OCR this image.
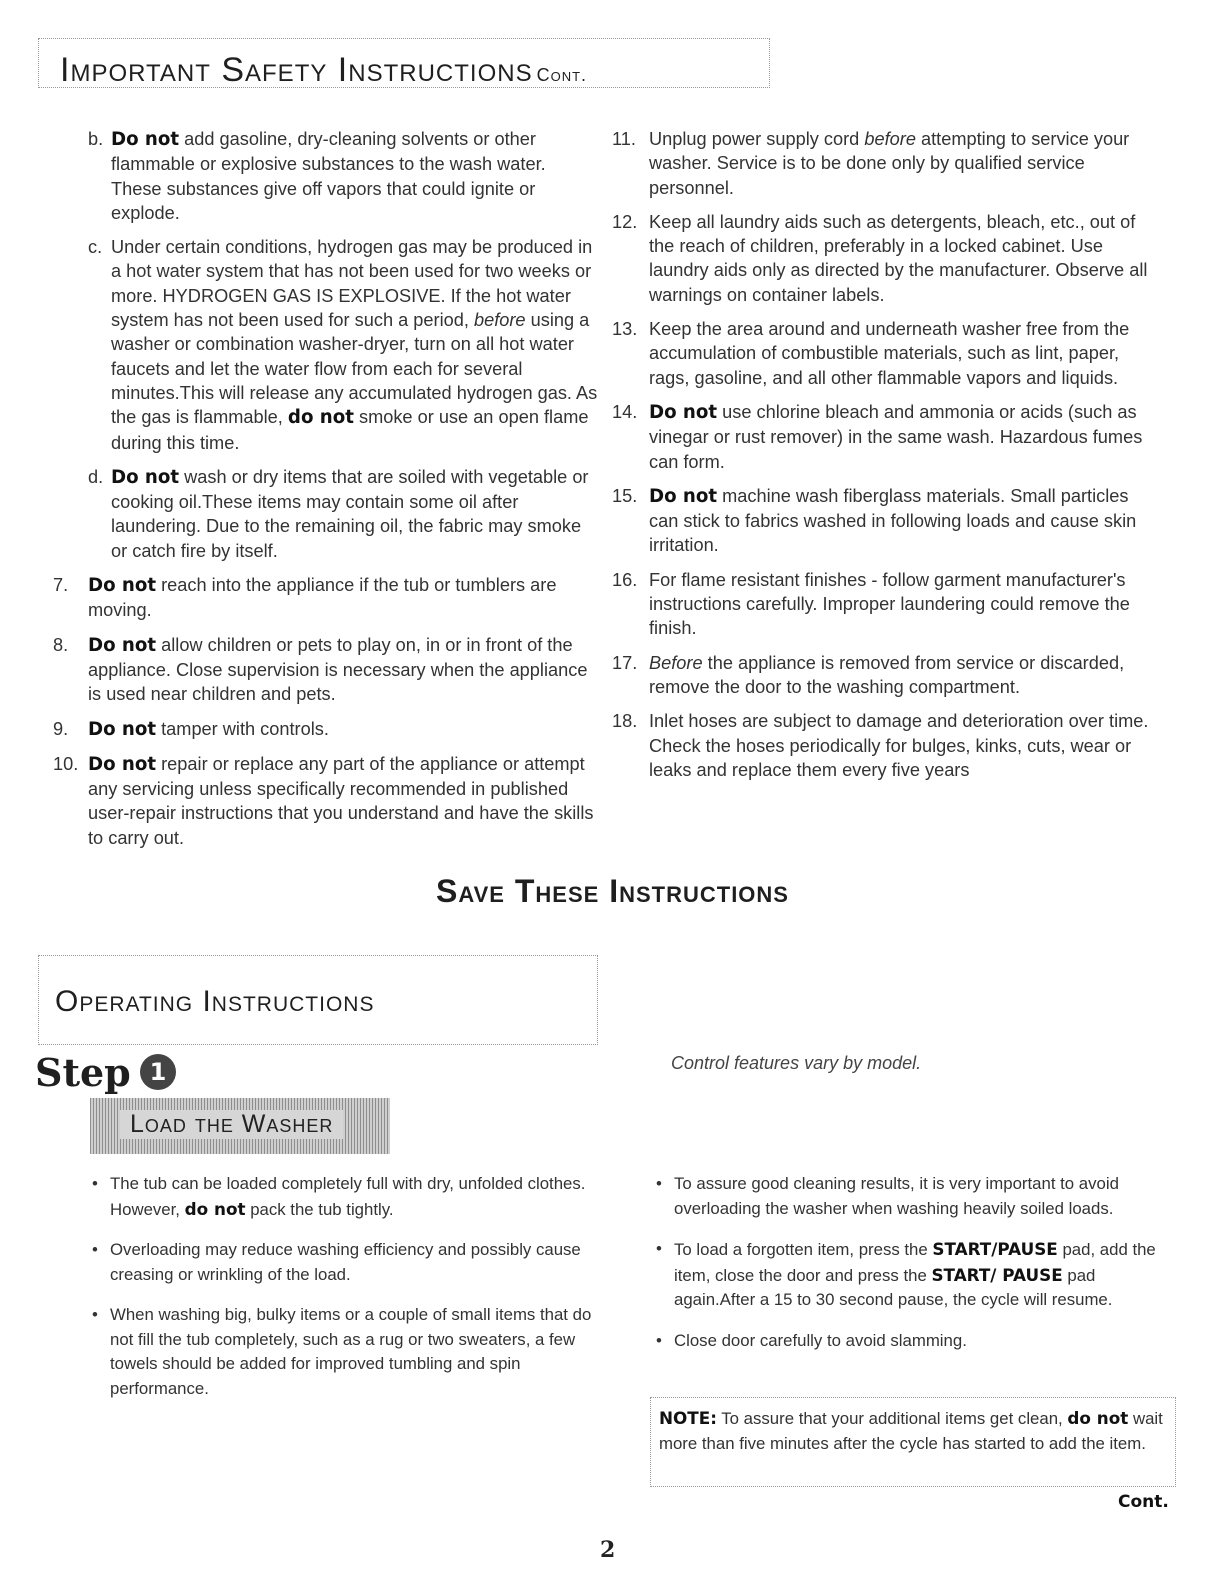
Important Safety Instructions Cont.

b. Do not add gasoline, dry-cleaning solvents or other flammable or explosive substances to the wash water. These substances give off vapors that could ignite or explode.

c. Under certain conditions, hydrogen gas may be produced in a hot water system that has not been used for two weeks or more. HYDROGEN GAS IS EXPLOSIVE. If the hot water system has not been used for such a period, before using a washer or combination washer-dryer, turn on all hot water faucets and let the water flow from each for several minutes.This will release any accumulated hydrogen gas. As the gas is flammable, do not smoke or use an open flame during this time.

d. Do not wash or dry items that are soiled with vegetable or cooking oil.These items may contain some oil after laundering. Due to the remaining oil, the fabric may smoke or catch fire by itself.

7. Do not reach into the appliance if the tub or tumblers are moving.

8. Do not allow children or pets to play on, in or in front of the appliance. Close supervision is necessary when the appliance is used near children and pets.

9. Do not tamper with controls.

10. Do not repair or replace any part of the appliance or attempt any servicing unless specifically recommended in published user-repair instructions that you understand and have the skills to carry out.

11. Unplug power supply cord before attempting to service your washer. Service is to be done only by qualified service personnel.

12. Keep all laundry aids such as detergents, bleach, etc., out of the reach of children, preferably in a locked cabinet. Use laundry aids only as directed by the manufacturer. Observe all warnings on container labels.

13. Keep the area around and underneath washer free from the accumulation of combustible materials, such as lint, paper, rags, gasoline, and all other flammable vapors and liquids.

14. Do not use chlorine bleach and ammonia or acids (such as vinegar or rust remover) in the same wash. Hazardous fumes can form.

15. Do not machine wash fiberglass materials. Small particles can stick to fabrics washed in following loads and cause skin irritation.

16. For flame resistant finishes - follow garment manufacturer's instructions carefully. Improper laundering could remove the finish.

17. Before the appliance is removed from service or discarded, remove the door to the washing compartment.

18. Inlet hoses are subject to damage and deterioration over time. Check the hoses periodically for bulges, kinks, cuts, wear or leaks and replace them every five years

Save These Instructions
Operating Instructions
Step 1	Control features vary by model.
Load the Washer

• The tub can be loaded completely full with dry, unfolded clothes. However, do not pack the tub tightly.

• Overloading may reduce washing efficiency and possibly cause creasing or wrinkling of the load.

• When washing big, bulky items or a couple of small items that do not fill the tub completely, such as a rug or two sweaters, a few towels should be added for improved tumbling and spin performance.

• To assure good cleaning results, it is very important to avoid overloading the washer when washing heavily soiled loads.

• To load a forgotten item, press the START/PAUSE pad, add the item, close the door and press the START/ PAUSE pad again.After a 15 to 30 second pause, the cycle will resume.

• Close door carefully to avoid slamming.

NOTE: To assure that your additional items get clean, do not wait more than five minutes after the cycle has started to add the item.
Cont.
2
